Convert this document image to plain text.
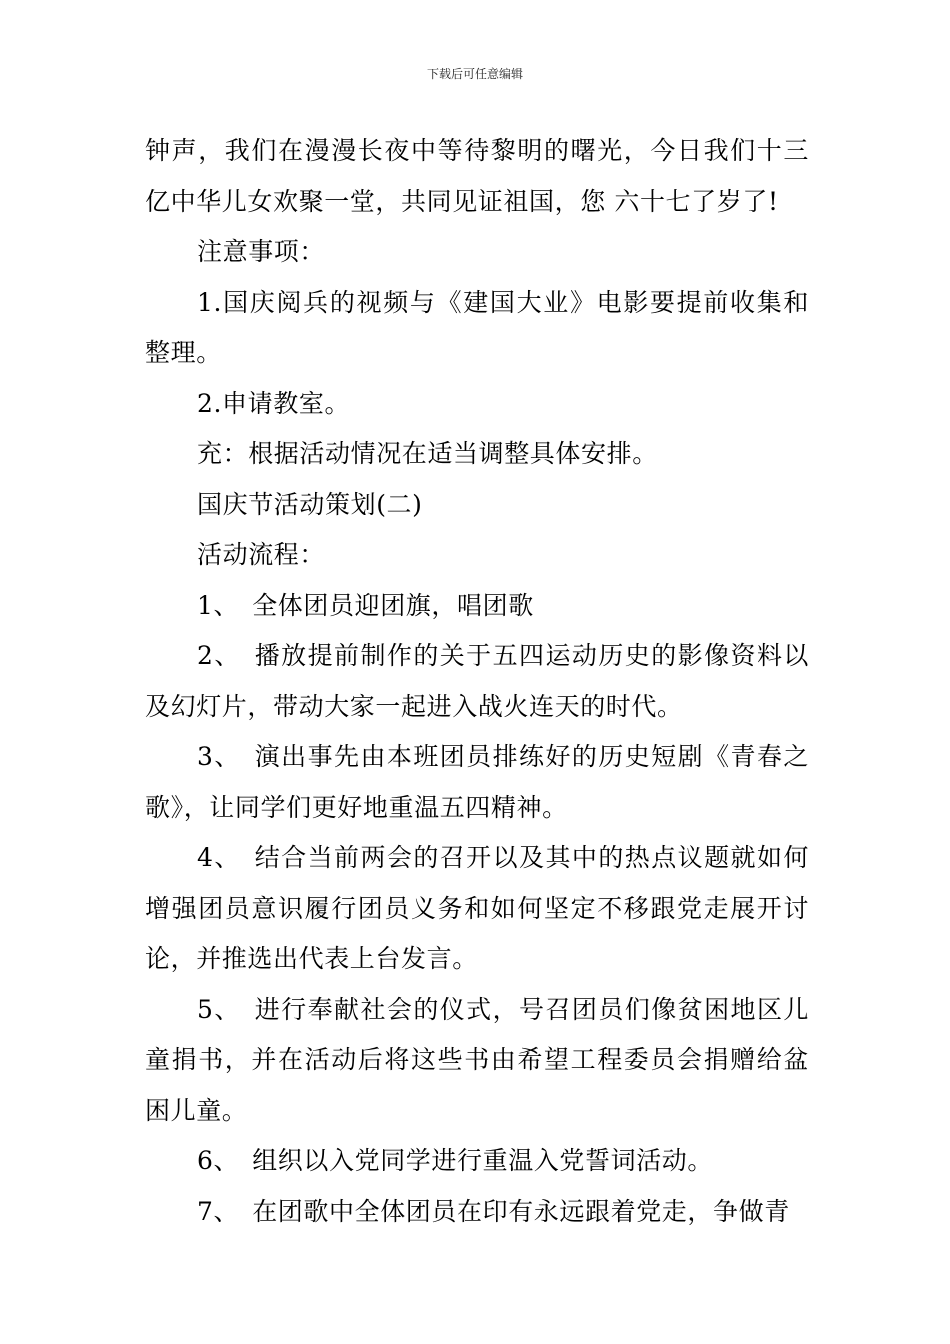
下载后可任意编辑

钟声，我们在漫漫长夜中等待黎明的曙光，今日我们十三亿中华儿女欢聚一堂，共同见证祖国，您 六十七了岁了!

注意事项：

1.国庆阅兵的视频与《建国大业》电影要提前收集和整理。

2.申请教室。

充：根据活动情况在适当调整具体安排。

国庆节活动策划(二)

活动流程：

1、　全体团员迎团旗，唱团歌

2、　播放提前制作的关于五四运动历史的影像资料以及幻灯片，带动大家一起进入战火连天的时代。

3、　演出事先由本班团员排练好的历史短剧《青春之歌》，让同学们更好地重温五四精神。

4、　结合当前两会的召开以及其中的热点议题就如何增强团员意识履行团员义务和如何坚定不移跟党走展开讨论，并推选出代表上台发言。

5、　进行奉献社会的仪式，号召团员们像贫困地区儿童捐书，并在活动后将这些书由希望工程委员会捐赠给盆困儿童。

6、　组织以入党同学进行重温入党誓词活动。

7、　在团歌中全体团员在印有永远跟着党走，争做青
